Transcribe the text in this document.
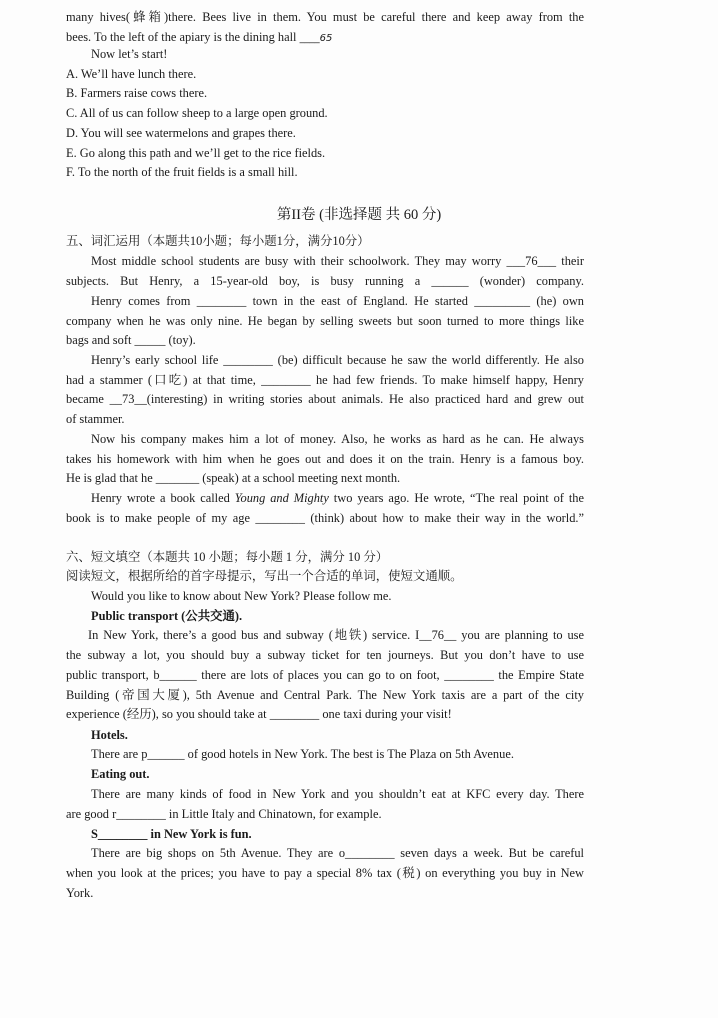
many hives(蜂箱)there. Bees live in them. You must be careful there and keep away from the
bees. To the left of the apiary is the dining hall ____65
Now let’s start!
A. We’ll have lunch there.
B. Farmers raise cows there.
C. All of us can follow sheep to a large open ground.
D. You will see watermelons and grapes there.
E. Go along this path and we’ll get to the rice fields.
F. To the north of the fruit fields is a small hill.
第II卷 (非选择题 共 60 分)
五、词汇运用（本题共10小题；每小题1分，满分10分）
Most middle school students are busy with their schoolwork. They may worry ___76___ their
subjects. But Henry, a 15-year-old boy, is busy running a ______ (wonder) company.
Henry comes from ________ town in the east of England. He started _________ (he) own
company when he was only nine. He began by selling sweets but soon turned to more things like
bags and soft _____ (toy).
Henry’s early school life ________ (be) difficult because he saw the world differently. He also
had a stammer (口吃) at that time, ________ he had few friends. To make himself happy, Henry
became __73__(interesting) in writing stories about animals. He also practiced hard and grew out
of stammer.
Now his company makes him a lot of money. Also, he works as hard as he can. He always
takes his homework with him when he goes out and does it on the train. Henry is a famous boy.
He is glad that he _______ (speak) at a school meeting next month.
Henry wrote a book called Young and Mighty two years ago. He wrote, “The real point of the
book is to make people of my age ________ (think) about how to make their way in the world.”
六、短文填空（本题共 10 小题；每小题 1 分，满分 10 分）
阅读短文，根据所给的首字母提示，写出一个合适的单词，使短文通顺。
Would you like to know about New York? Please follow me.
Public transport (公共交通).
In New York, there’s a good bus and subway (地铁) service. I__76__ you are planning to use
the subway a lot, you should buy a subway ticket for ten journeys. But you don’t have to use
public transport, b______ there are lots of places you can go to on foot, ________ the Empire State
Building (帝国大厦), 5th Avenue and Central Park. The New York taxis are a part of the city
experience (经历), so you should take at ________ one taxi during your visit!
Hotels.
There are p______ of good hotels in New York. The best is The Plaza on 5th Avenue.
Eating out.
There are many kinds of food in New York and you shouldn’t eat at KFC every day. There
are good r________ in Little Italy and Chinatown, for example.
S________ in New York is fun.
There are big shops on 5th Avenue. They are o________ seven days a week. But be careful
when you look at the prices; you have to pay a special 8% tax (税) on everything you buy in New
York.
